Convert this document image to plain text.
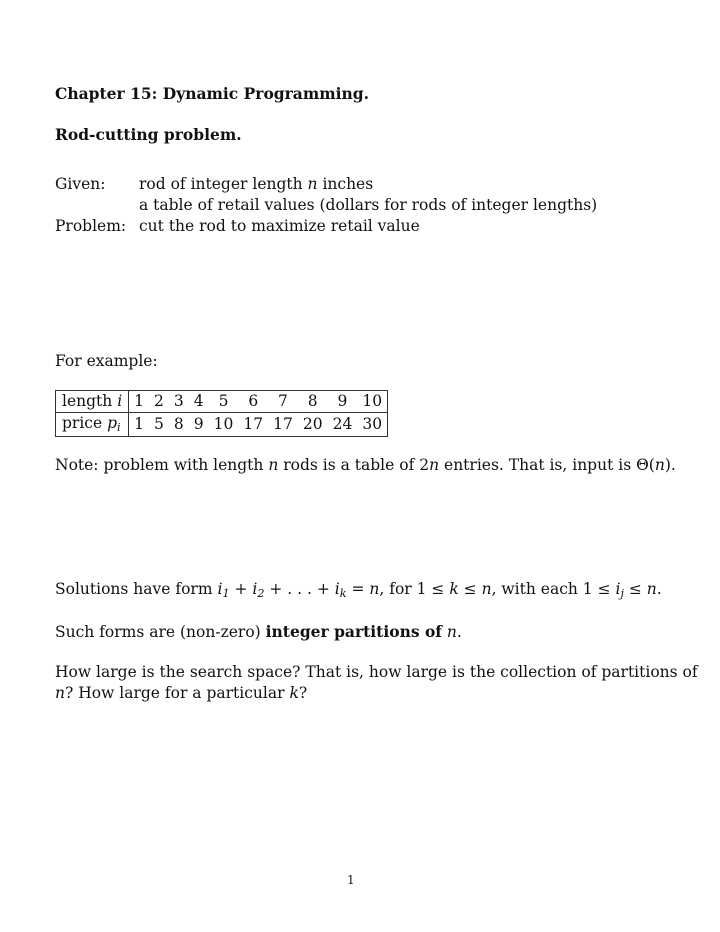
Chapter 15: Dynamic Programming.
Rod-cutting problem.
Given:	rod of integer length n inches
a table of retail values (dollars for rods of integer lengths)
Problem: cut the rod to maximize retail value
For example:
length i	1	2	3	4	5	6	7	8	9	10
price $p_i$	1	5	8	9	10	17	17	20	24	30
Note: problem with length n rods is a table of 2n entries. That is, input is Θ(n).
Solutions have form $i_1 + i_2$ + . . . + $i_k = n$, for 1 ≤ k ≤ n, with each $1 \le i_j \le n$.
Such forms are (non-zero) integer partitions of n.
How large is the search space? That is, how large is the collection of partitions of
n? How large for a particular k?
1
